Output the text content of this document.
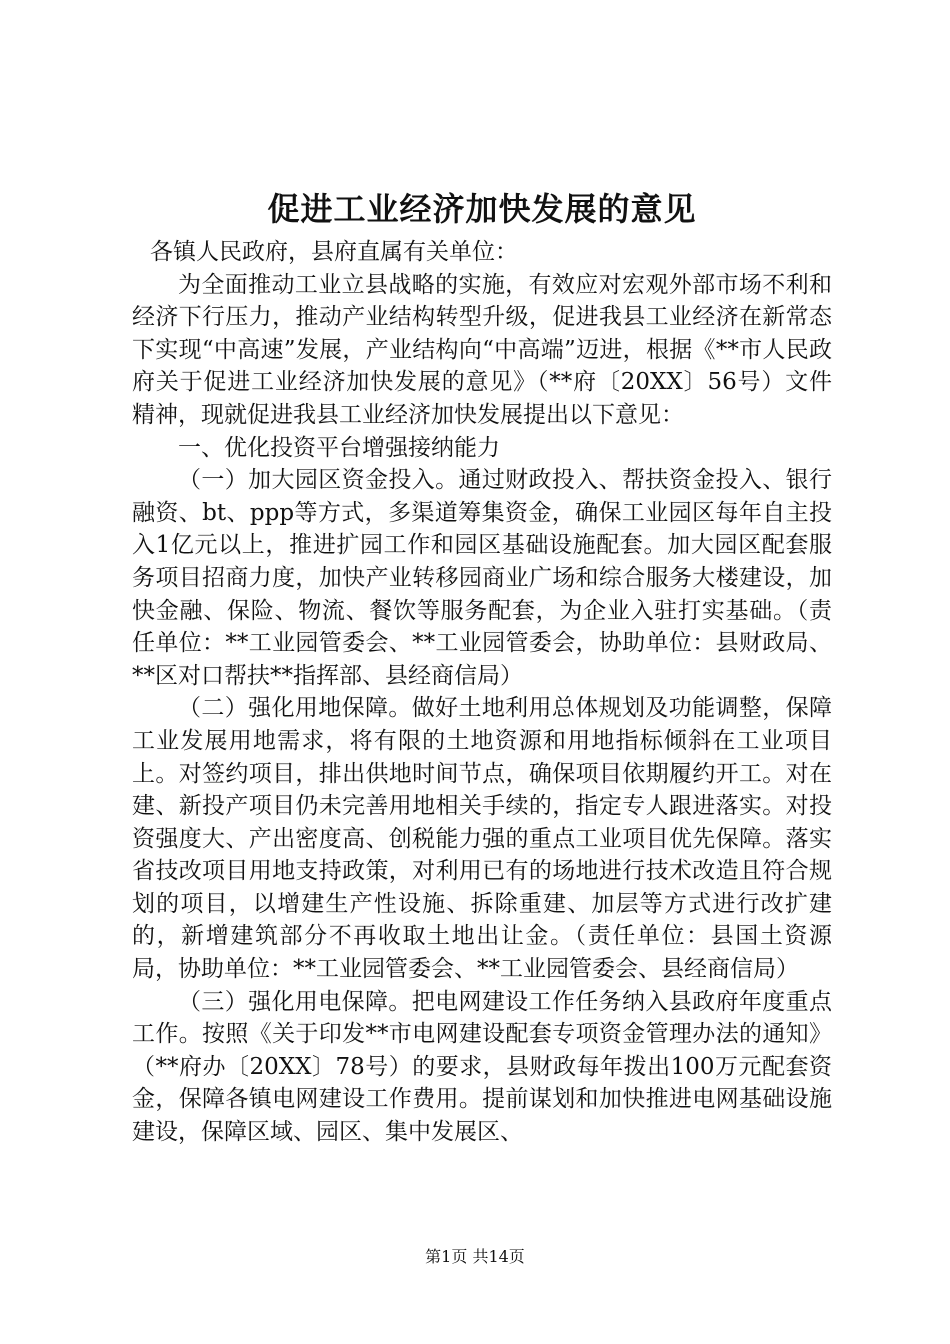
促进工业经济加快发展的意见

各镇人民政府，县府直属有关单位：

为全面推动工业立县战略的实施，有效应对宏观外部市场不利和经济下行压力，推动产业结构转型升级，促进我县工业经济在新常态下实现“中高速”发展，产业结构向“中高端”迈进，根据《**市人民政府关于促进工业经济加快发展的意见》（**府〔20XX〕56号）文件精神，现就促进我县工业经济加快发展提出以下意见：

一、优化投资平台增强接纳能力

（一）加大园区资金投入。通过财政投入、帮扶资金投入、银行融资、bt、ppp等方式，多渠道筹集资金，确保工业园区每年自主投入1亿元以上，推进扩园工作和园区基础设施配套。加大园区配套服务项目招商力度，加快产业转移园商业广场和综合服务大楼建设，加快金融、保险、物流、餐饮等服务配套，为企业入驻打实基础。（责任单位：**工业园管委会、**工业园管委会，协助单位：县财政局、**区对口帮扶**指挥部、县经商信局）

（二）强化用地保障。做好土地利用总体规划及功能调整，保障工业发展用地需求，将有限的土地资源和用地指标倾斜在工业项目上。对签约项目，排出供地时间节点，确保项目依期履约开工。对在建、新投产项目仍未完善用地相关手续的，指定专人跟进落实。对投资强度大、产出密度高、创税能力强的重点工业项目优先保障。落实省技改项目用地支持政策，对利用已有的场地进行技术改造且符合规划的项目，以增建生产性设施、拆除重建、加层等方式进行改扩建的，新增建筑部分不再收取土地出让金。（责任单位：县国土资源局，协助单位：**工业园管委会、**工业园管委会、县经商信局）

（三）强化用电保障。把电网建设工作任务纳入县政府年度重点工作。按照《关于印发**市电网建设配套专项资金管理办法的通知》（**府办〔20XX〕78号）的要求，县财政每年拨出100万元配套资金，保障各镇电网建设工作费用。提前谋划和加快推进电网基础设施建设，保障区域、园区、集中发展区、

第1页 共14页
